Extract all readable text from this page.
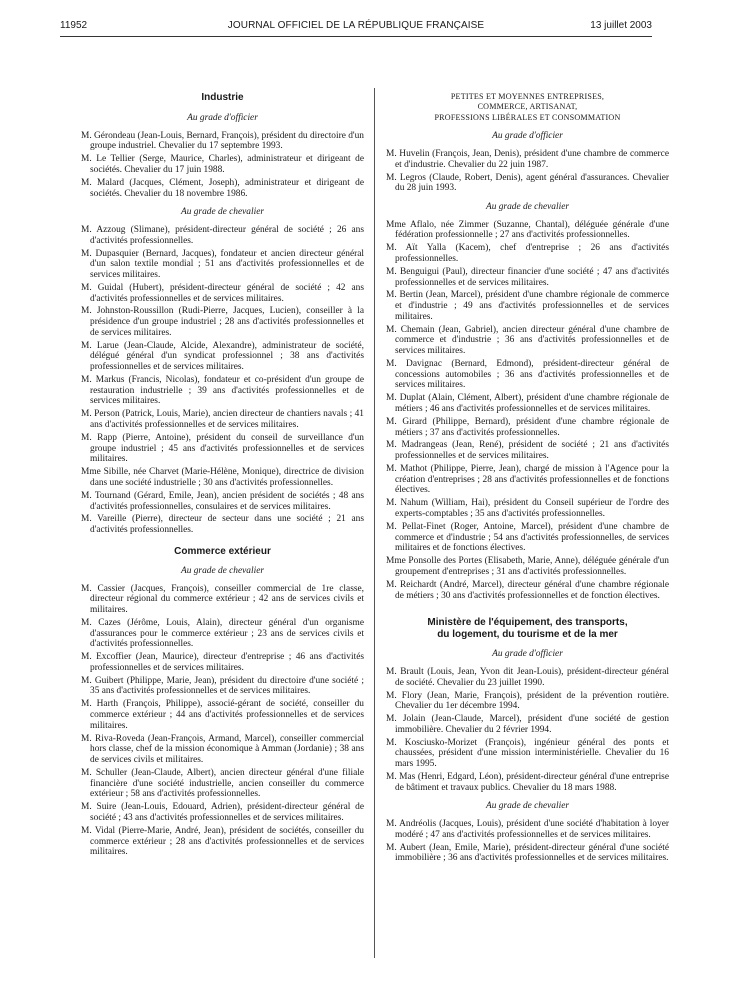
11952	JOURNAL OFFICIEL DE LA RÉPUBLIQUE FRANÇAISE	13 juillet 2003
Industrie
Au grade d'officier

M. Gérondeau (Jean-Louis, Bernard, François), président du directoire d'un groupe industriel. Chevalier du 17 septembre 1993.

M. Le Tellier (Serge, Maurice, Charles), administrateur et dirigeant de sociétés. Chevalier du 17 juin 1988.

M. Malard (Jacques, Clément, Joseph), administrateur et dirigeant de sociétés. Chevalier du 18 novembre 1986.

Au grade de chevalier

M. Azzoug (Slimane), président-directeur général de société ; 26 ans d'activités professionnelles.

M. Dupasquier (Bernard, Jacques), fondateur et ancien directeur général d'un salon textile mondial ; 51 ans d'activités professionnelles et de services militaires.

M. Guidal (Hubert), président-directeur général de société ; 42 ans d'activités professionnelles et de services militaires.

M. Johnston-Roussillon (Rudi-Pierre, Jacques, Lucien), conseiller à la présidence d'un groupe industriel ; 28 ans d'activités professionnelles et de services militaires.

M. Larue (Jean-Claude, Alcide, Alexandre), administrateur de société, délégué général d'un syndicat professionnel ; 38 ans d'activités professionnelles et de services militaires.

M. Markus (Francis, Nicolas), fondateur et co-président d'un groupe de restauration industrielle ; 39 ans d'activités professionnelles et de services militaires.

M. Person (Patrick, Louis, Marie), ancien directeur de chantiers navals ; 41 ans d'activités professionnelles et de services militaires.

M. Rapp (Pierre, Antoine), président du conseil de surveillance d'un groupe industriel ; 45 ans d'activités professionnelles et de services militaires.

Mme Sibille, née Charvet (Marie-Hélène, Monique), directrice de division dans une société industrielle ; 30 ans d'activités professionnelles.

M. Tournand (Gérard, Emile, Jean), ancien président de sociétés ; 48 ans d'activités professionnelles, consulaires et de services militaires.

M. Vareille (Pierre), directeur de secteur dans une société ; 21 ans d'activités professionnelles.

Commerce extérieur
Au grade de chevalier

M. Cassier (Jacques, François), conseiller commercial de 1re classe, directeur régional du commerce extérieur ; 42 ans de services civils et militaires.

M. Cazes (Jérôme, Louis, Alain), directeur général d'un organisme d'assurances pour le commerce extérieur ; 23 ans de services civils et d'activités professionnelles.

M. Excoffier (Jean, Maurice), directeur d'entreprise ; 46 ans d'activités professionnelles et de services militaires.

M. Guibert (Philippe, Marie, Jean), président du directoire d'une société ; 35 ans d'activités professionnelles et de services militaires.

M. Harth (François, Philippe), associé-gérant de société, conseiller du commerce extérieur ; 44 ans d'activités professionnelles et de services militaires.

M. Riva-Roveda (Jean-François, Armand, Marcel), conseiller commercial hors classe, chef de la mission économique à Amman (Jordanie) ; 38 ans de services civils et militaires.

M. Schuller (Jean-Claude, Albert), ancien directeur général d'une filiale financière d'une société industrielle, ancien conseiller du commerce extérieur ; 58 ans d'activités professionnelles.

M. Suire (Jean-Louis, Edouard, Adrien), président-directeur général de société ; 43 ans d'activités professionnelles et de services militaires.

M. Vidal (Pierre-Marie, André, Jean), président de sociétés, conseiller du commerce extérieur ; 28 ans d'activités professionnelles et de services militaires.

PETITES ET MOYENNES ENTREPRISES,
COMMERCE, ARTISANAT,
PROFESSIONS LIBÉRALES ET CONSOMMATION
Au grade d'officier

M. Huvelin (François, Jean, Denis), président d'une chambre de commerce et d'industrie. Chevalier du 22 juin 1987.

M. Legros (Claude, Robert, Denis), agent général d'assurances. Chevalier du 28 juin 1993.

Au grade de chevalier

Mme Aflalo, née Zimmer (Suzanne, Chantal), déléguée générale d'une fédération professionnelle ; 27 ans d'activités professionnelles.

M. Aït Yalla (Kacem), chef d'entreprise ; 26 ans d'activités professionnelles.

M. Benguigui (Paul), directeur financier d'une société ; 47 ans d'activités professionnelles et de services militaires.

M. Bertin (Jean, Marcel), président d'une chambre régionale de commerce et d'industrie ; 49 ans d'activités professionnelles et de services militaires.

M. Chemain (Jean, Gabriel), ancien directeur général d'une chambre de commerce et d'industrie ; 36 ans d'activités professionnelles et de services militaires.

M. Davignac (Bernard, Edmond), président-directeur général de concessions automobiles ; 36 ans d'activités professionnelles et de services militaires.

M. Duplat (Alain, Clément, Albert), président d'une chambre régionale de métiers ; 46 ans d'activités professionnelles et de services militaires.

M. Girard (Philippe, Bernard), président d'une chambre régionale de métiers ; 37 ans d'activités professionnelles.

M. Madrangeas (Jean, René), président de société ; 21 ans d'activités professionnelles et de services militaires.

M. Mathot (Philippe, Pierre, Jean), chargé de mission à l'Agence pour la création d'entreprises ; 28 ans d'activités professionnelles et de fonctions électives.

M. Nahum (William, Hai), président du Conseil supérieur de l'ordre des experts-comptables ; 35 ans d'activités professionnelles.

M. Pellat-Finet (Roger, Antoine, Marcel), président d'une chambre de commerce et d'industrie ; 54 ans d'activités professionnelles, de services militaires et de fonctions électives.

Mme Ponsolle des Portes (Elisabeth, Marie, Anne), déléguée générale d'un groupement d'entreprises ; 31 ans d'activités professionnelles.

M. Reichardt (André, Marcel), directeur général d'une chambre régionale de métiers ; 30 ans d'activités professionnelles et de fonction électives.

Ministère de l'équipement, des transports,
du logement, du tourisme et de la mer
Au grade d'officier

M. Brault (Louis, Jean, Yvon dit Jean-Louis), président-directeur général de société. Chevalier du 23 juillet 1990.

M. Flory (Jean, Marie, François), président de la prévention routière. Chevalier du 1er décembre 1994.

M. Jolain (Jean-Claude, Marcel), président d'une société de gestion immobilière. Chevalier du 2 février 1994.

M. Kosciusko-Morizet (François), ingénieur général des ponts et chaussées, président d'une mission interministérielle. Chevalier du 16 mars 1995.

M. Mas (Henri, Edgard, Léon), président-directeur général d'une entreprise de bâtiment et travaux publics. Chevalier du 18 mars 1988.

Au grade de chevalier

M. Andréolis (Jacques, Louis), président d'une société d'habitation à loyer modéré ; 47 ans d'activités professionnelles et de services militaires.

M. Aubert (Jean, Emile, Marie), président-directeur général d'une société immobilière ; 36 ans d'activités professionnelles et de services militaires.
